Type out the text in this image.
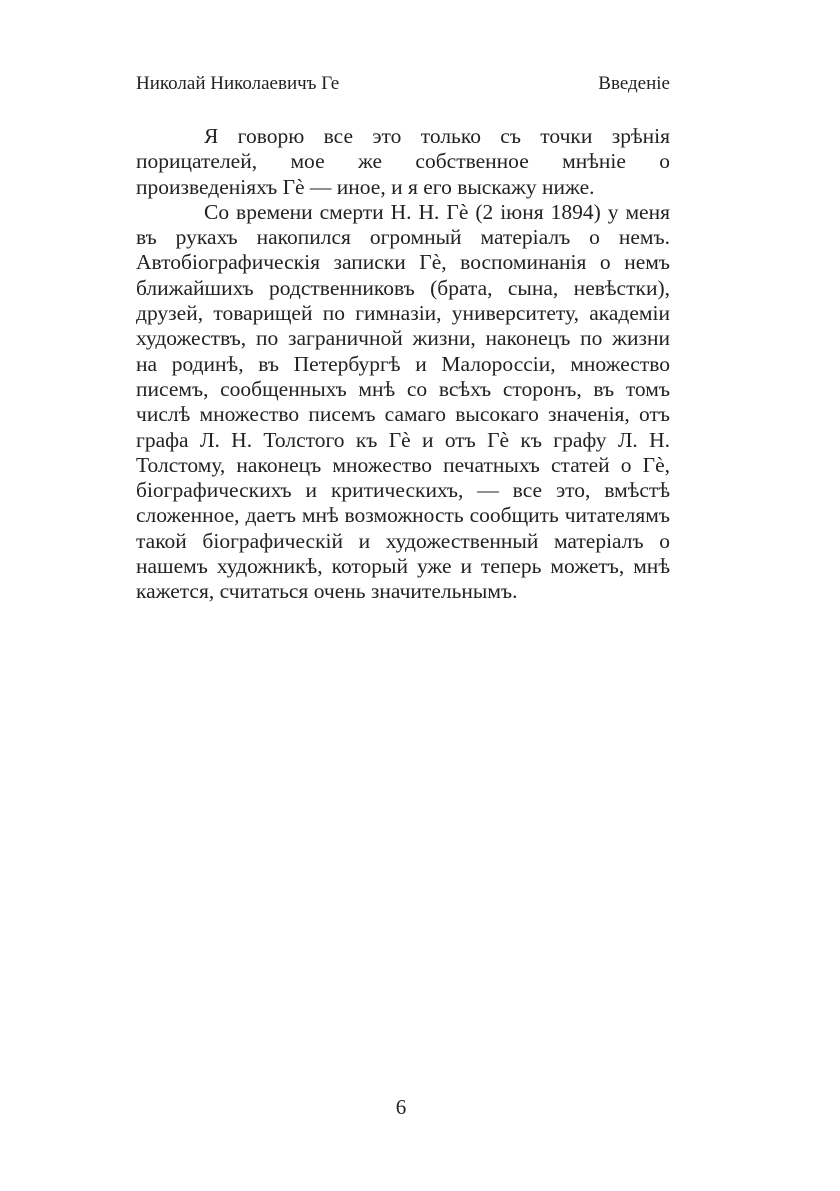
Николай Николаевичъ Ге	Введеніе

Я говорю все это только съ точки зрѣнія порицателей, мое же собственное мнѣніе о произведеніяхъ Гѐ — иное, и я его выскажу ниже.

Со времени смерти Н. Н. Гѐ (2 іюня 1894) у меня въ рукахъ накопился огромный матеріалъ о немъ. Автобіографическія записки Гѐ, воспоминанія о немъ ближайшихъ родственниковъ (брата, сына, невѣстки), друзей, товарищей по гимназіи, университету, академіи художествъ, по заграничной жизни, наконецъ по жизни на родинѣ, въ Петербургѣ и Малороссіи, множество писемъ, сообщенныхъ мнѣ со всѣхъ сторонъ, въ томъ числѣ множество писемъ самаго высокаго значенія, отъ графа Л. Н. Толстого къ Гѐ и отъ Гѐ къ графу Л. Н. Толстому, наконецъ множество печатныхъ статей о Гѐ, біографическихъ и критическихъ, — все это, вмѣстѣ сложенное, даетъ мнѣ возможность сообщить читателямъ такой біографическій и художественный матеріалъ о нашемъ художникѣ, который уже и теперь можетъ, мнѣ кажется, считаться очень значительнымъ.

6
